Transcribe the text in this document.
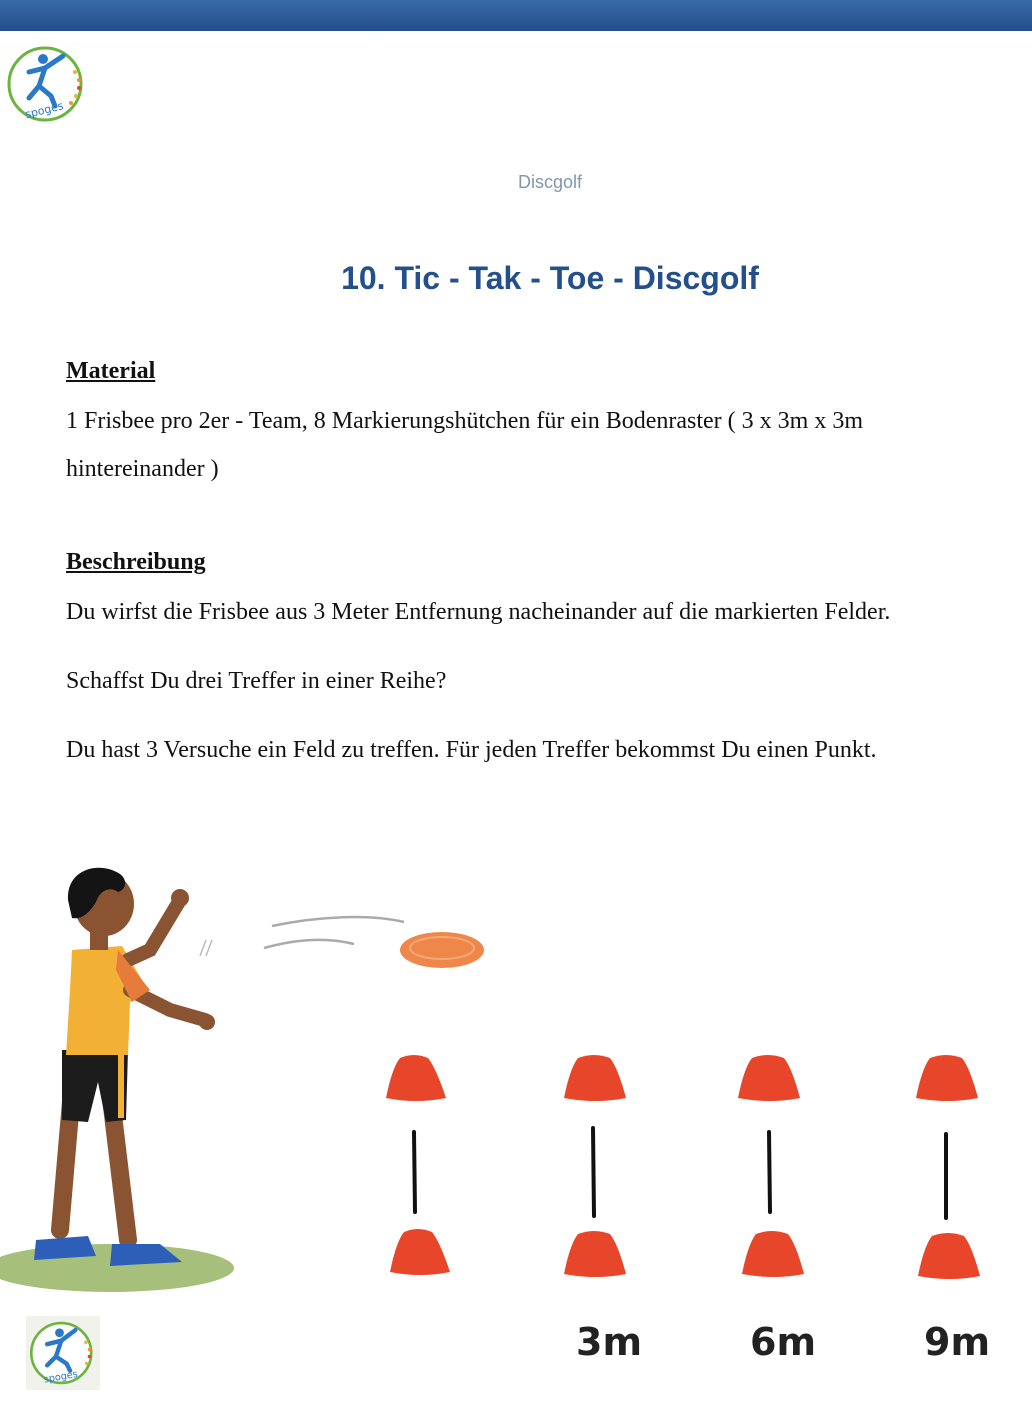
spoges
Discgolf
10. Tic - Tak - Toe - Discgolf
Material
1 Frisbee pro 2er - Team, 8 Markierungshütchen für ein Bodenraster ( 3 x 3m x 3m hintereinander )
Beschreibung
Du wirfst die Frisbee aus 3 Meter Entfernung nacheinander auf die markierten Felder.
Schaffst Du drei Treffer in einer Reihe?
Du hast 3 Versuche ein Feld zu treffen. Für jeden Treffer bekommst Du einen Punkt.
3m	6m	9m
spoges
